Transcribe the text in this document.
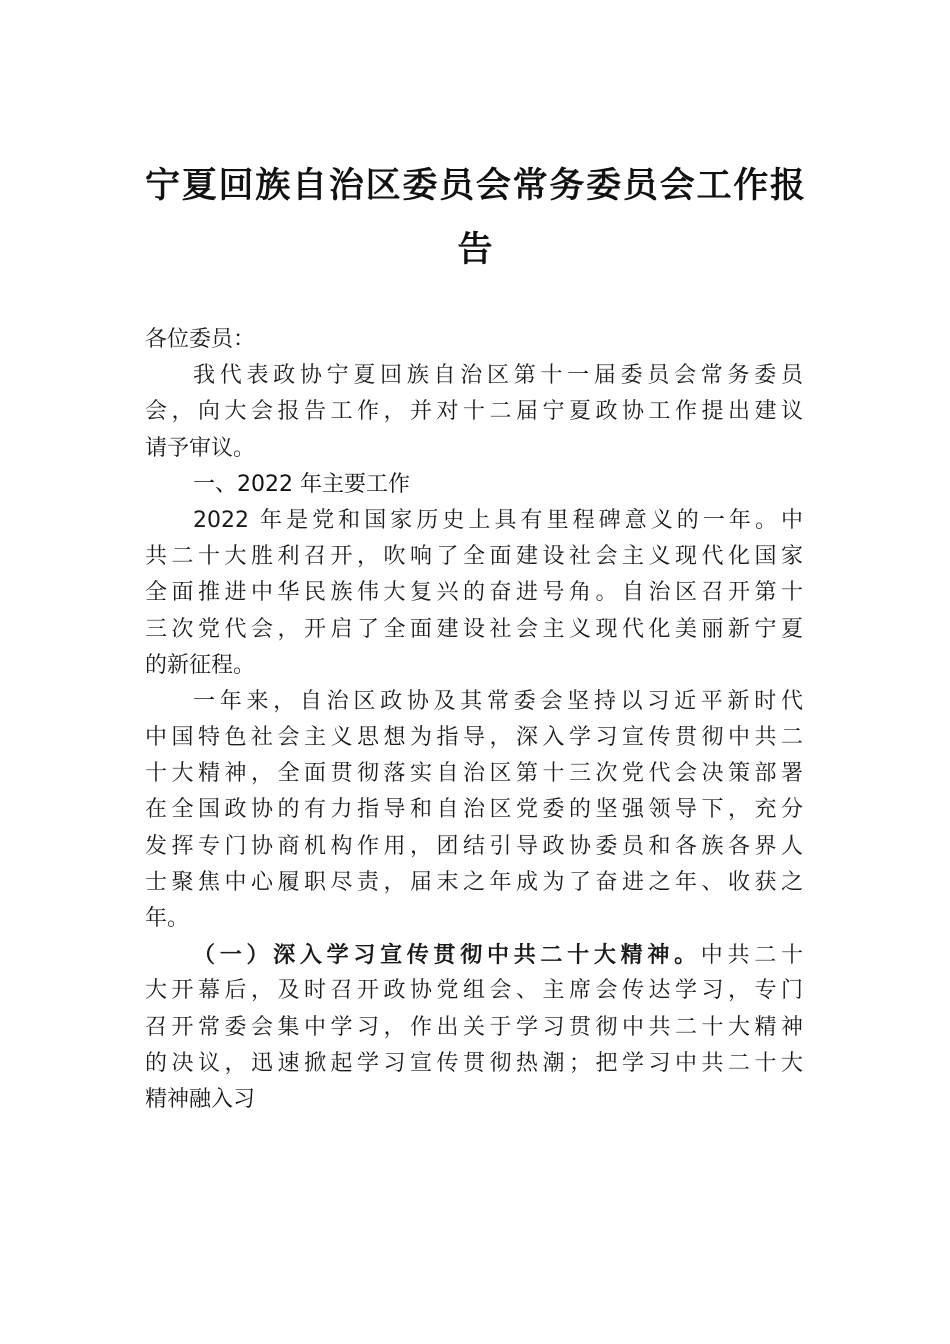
宁夏回族自治区委员会常务委员会工作报
告
各位委员：
我代表政协宁夏回族自治区第十一届委员会常务委员
会，向大会报告工作，并对十二届宁夏政协工作提出建议
请予审议。
一、2022 年主要工作
2022 年是党和国家历史上具有里程碑意义的一年。中
共二十大胜利召开，吹响了全面建设社会主义现代化国家
全面推进中华民族伟大复兴的奋进号角。自治区召开第十
三次党代会，开启了全面建设社会主义现代化美丽新宁夏
的新征程。
一年来，自治区政协及其常委会坚持以习近平新时代
中国特色社会主义思想为指导，深入学习宣传贯彻中共二
十大精神，全面贯彻落实自治区第十三次党代会决策部署
在全国政协的有力指导和自治区党委的坚强领导下，充分
发挥专门协商机构作用，团结引导政协委员和各族各界人
士聚焦中心履职尽责，届末之年成为了奋进之年、收获之
年。
（一）深入学习宣传贯彻中共二十大精神。中共二十
大开幕后，及时召开政协党组会、主席会传达学习，专门
召开常委会集中学习，作出关于学习贯彻中共二十大精神
的决议，迅速掀起学习宣传贯彻热潮；把学习中共二十大
精神融入习
